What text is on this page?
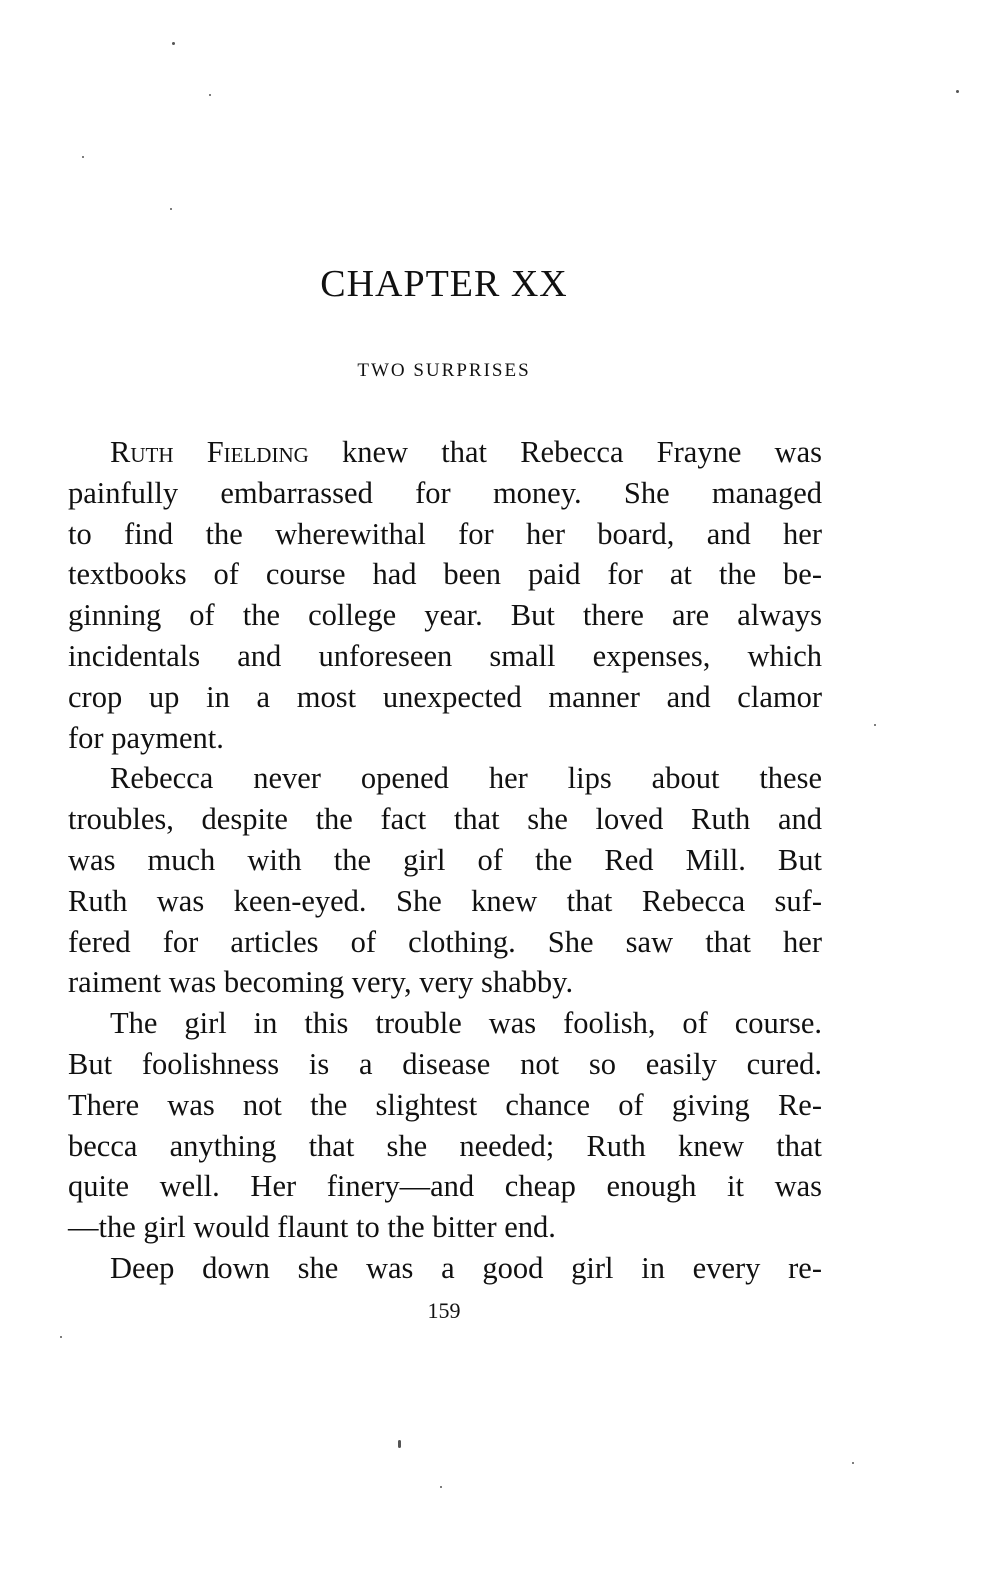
CHAPTER XX
TWO SURPRISES
Ruth Fielding knew that Rebecca Frayne was
painfully embarrassed for money. She managed
to find the wherewithal for her board, and her
textbooks of course had been paid for at the be-
ginning of the college year. But there are always
incidentals and unforeseen small expenses, which
crop up in a most unexpected manner and clamor
for payment.
Rebecca never opened her lips about these
troubles, despite the fact that she loved Ruth and
was much with the girl of the Red Mill. But
Ruth was keen-eyed. She knew that Rebecca suf-
fered for articles of clothing. She saw that her
raiment was becoming very, very shabby.
The girl in this trouble was foolish, of course.
But foolishness is a disease not so easily cured.
There was not the slightest chance of giving Re-
becca anything that she needed; Ruth knew that
quite well. Her finery—and cheap enough it was
—the girl would flaunt to the bitter end.
Deep down she was a good girl in every re-

159
